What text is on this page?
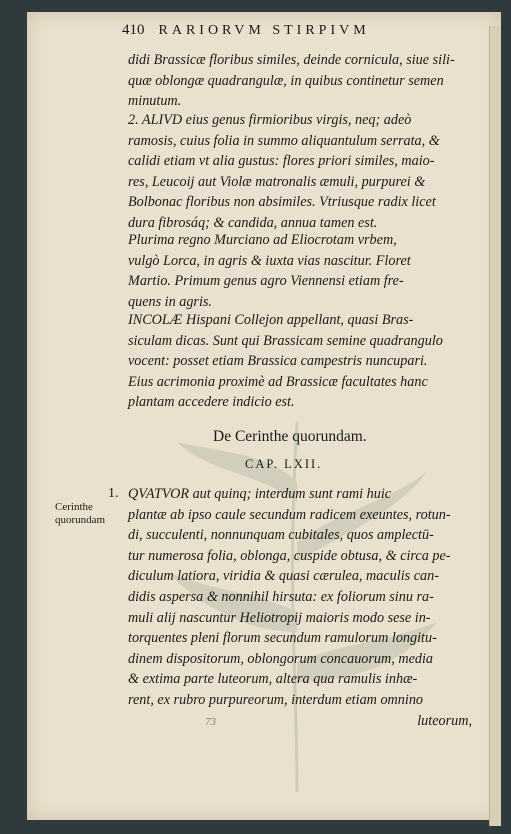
410 RARIORVM STIRPIVM

didi Brassicæ floribus similes, deinde cornicula, siue sili-
quæ oblongæ quadrangulæ, in quibus continetur semen
minutum.

2. ALIVD eius genus firmioribus virgis, neq; adeò
ramosis, cuius folia in summo aliquantulum serrata, &
calidi etiam vt alia gustus: flores priori similes, maio-
res, Leucoij aut Violæ matronalis æmuli, purpurei &
Bolbonac floribus non absimiles. Vtriusque radix licet
dura fibrosáq; & candida, annua tamen est.

Plurima regno Murciano ad Eliocrotam vrbem,
vulgò Lorca, in agris & iuxta vias nascitur. Floret
Martio. Primum genus agro Viennensi etiam fre-
quens in agris.

INCOLÆ Hispani Collejon appellant, quasi Bras-
siculam dicas. Sunt qui Brassicam semine quadrangulo
vocent: posset etiam Brassica campestris nuncupari.
Eius acrimonia proximè ad Brassicæ facultates hanc
plantam accedere indicio est.

De Cerinthe quorundam.
CAP. LXII.
1.
Cerinthe
quorundam

QVATVOR aut quinq; interdum sunt rami huic
plantæ ab ipso caule secundum radicem exeuntes, rotun-
di, succulenti, nonnunquam cubitales, quos amplectū-
tur numerosa folia, oblonga, cuspide obtusa, & circa pe-
diculum latiora, viridia & quasi cærulea, maculis can-
didis aspersa & nonnihil hirsuta: ex foliorum sinu ra-
muli alij nascuntur Heliotropij maioris modo sese in-
torquentes pleni florum secundum ramulorum longitu-
dinem dispositorum, oblongorum concauorum, media
& extima parte luteorum, altera qua ramulis inhæ-
rent, ex rubro purpureorum, interdum etiam omnino
luteorum,

73
